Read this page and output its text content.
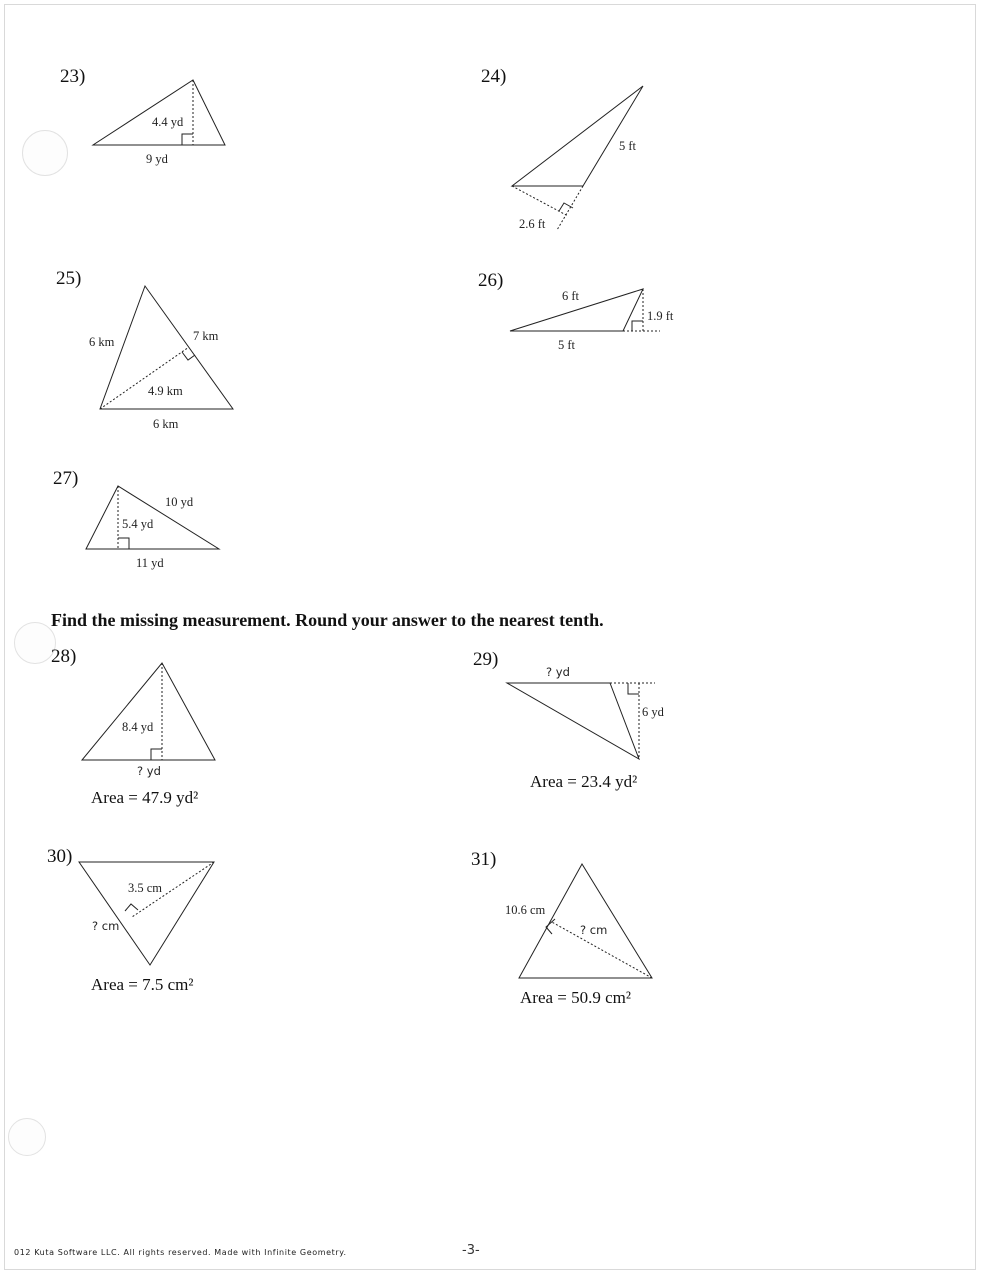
23)	24)
25)	26)
27)
28)	29)
30)	31)
Find the missing measurement. Round your answer to the nearest tenth.
Area = 47.9 yd²
Area = 23.4 yd²
Area = 7.5 cm²
Area = 50.9 cm²
4.4 yd
9 yd
5 ft
2.6 ft
6 km	7 km
4.9 km
6 km
6 ft
1.9 ft
5 ft
10 yd
5.4 yd
11 yd
8.4 yd
6 yd
3.5 cm
10.6 cm
? yd
? yd
? cm	? cm
012 Kuta Software LLC. All rights reserved. Made with Infinite Geometry.	-3-
